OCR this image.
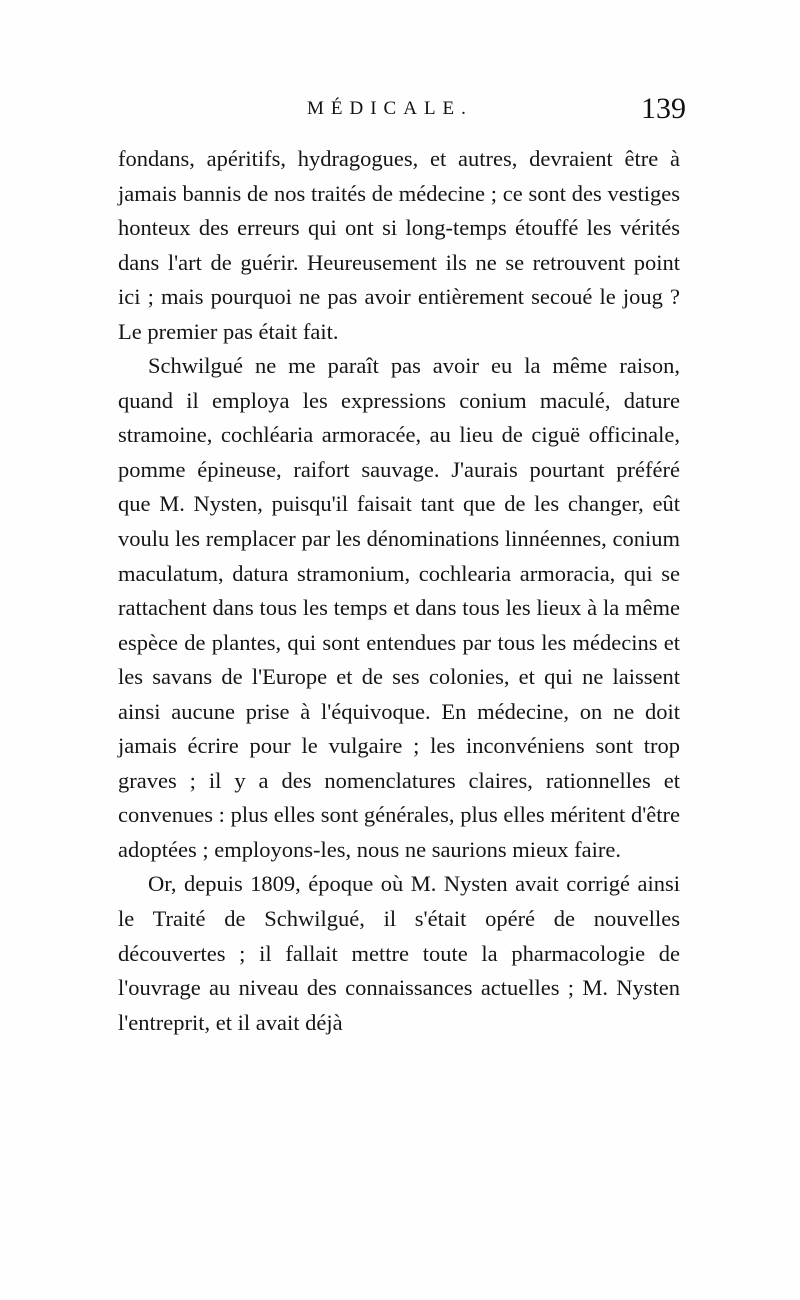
MÉDICALE.	139

fondans, apéritifs, hydragogues, et autres, devraient être à jamais bannis de nos traités de médecine ; ce sont des vestiges honteux des erreurs qui ont si long-temps étouffé les vérités dans l'art de guérir. Heureusement ils ne se retrouvent point ici ; mais pourquoi ne pas avoir entièrement secoué le joug ? Le premier pas était fait.

Schwilgué ne me paraît pas avoir eu la même raison, quand il employa les expressions conium maculé, dature stramoine, cochléaria armoracée, au lieu de ciguë officinale, pomme épineuse, raifort sauvage. J'aurais pourtant préféré que M. Nysten, puisqu'il faisait tant que de les changer, eût voulu les remplacer par les dénominations linnéennes, conium maculatum, datura stramonium, cochlearia armoracia, qui se rattachent dans tous les temps et dans tous les lieux à la même espèce de plantes, qui sont entendues par tous les médecins et les savans de l'Europe et de ses colonies, et qui ne laissent ainsi aucune prise à l'équivoque. En médecine, on ne doit jamais écrire pour le vulgaire ; les inconvéniens sont trop graves ; il y a des nomenclatures claires, rationnelles et convenues : plus elles sont générales, plus elles méritent d'être adoptées ; employons-les, nous ne saurions mieux faire.

Or, depuis 1809, époque où M. Nysten avait corrigé ainsi le Traité de Schwilgué, il s'était opéré de nouvelles découvertes ; il fallait mettre toute la pharmacologie de l'ouvrage au niveau des connaissances actuelles ; M. Nysten l'entreprit, et il avait déjà
